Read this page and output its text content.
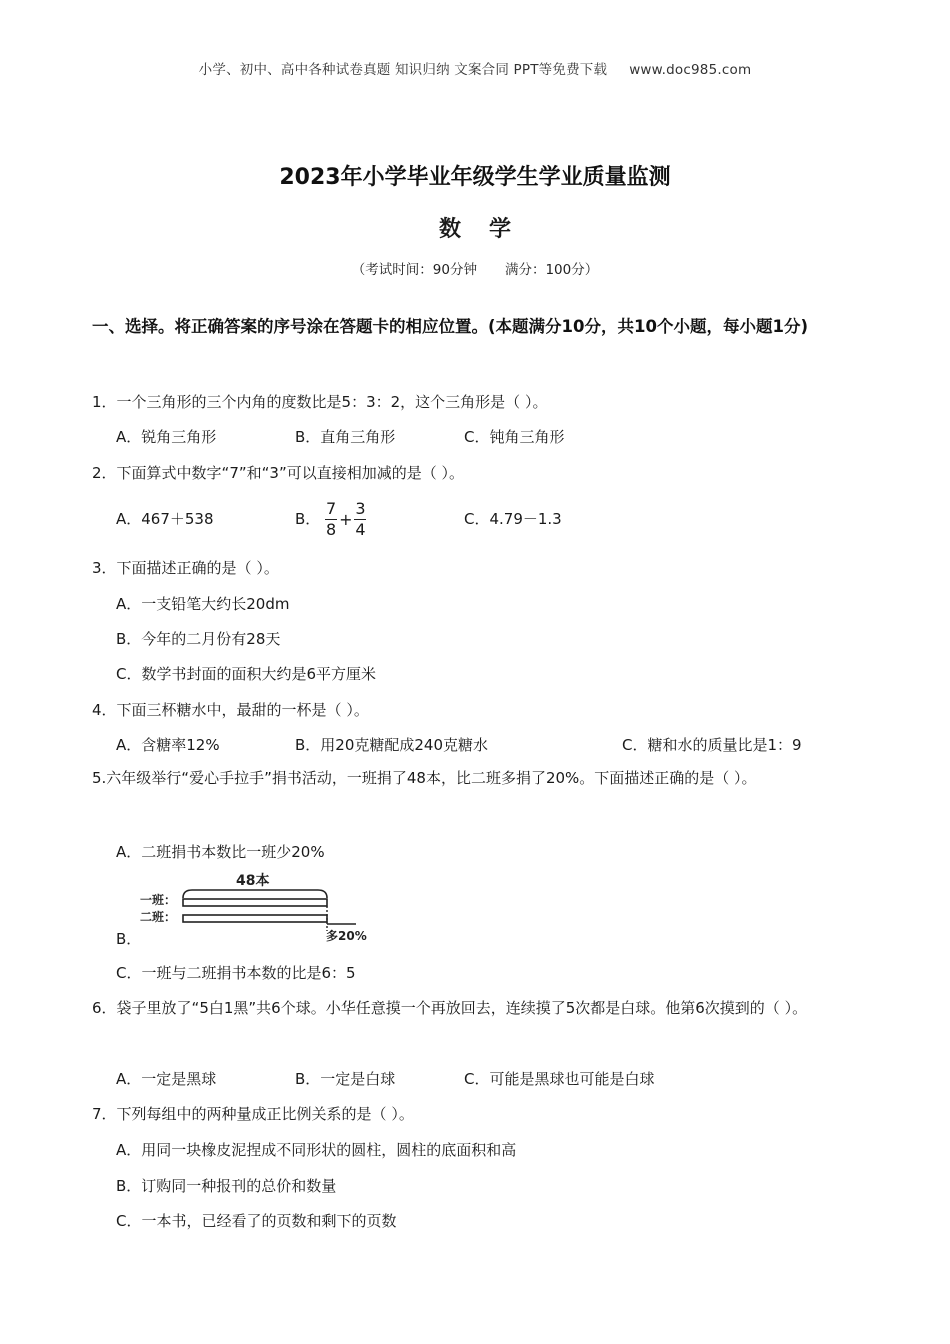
小学、初中、高中各种试卷真题 知识归纳 文案合同 PPT等免费下载 www.doc985.com
2023年小学毕业年级学生学业质量监测
数学
（考试时间：90分钟 满分：100分）
一、选择。将正确答案的序号涂在答题卡的相应位置。(本题满分10分，共10个小题，每小题1分)
1．一个三角形的三个内角的度数比是5：3：2，这个三角形是（ ）。
A．锐角三角形	B．直角三角形	C．钝角三角形
2．下面算式中数字“7”和“3”可以直接相加减的是（ ）。
A．467＋538	B． $\frac{7}{8} + \frac{3}{4}$	C．4.79－1.3
3．下面描述正确的是（ ）。
A．一支铅笔大约长20dm
B．今年的二月份有28天
C．数学书封面的面积大约是6平方厘米
4．下面三杯糖水中，最甜的一杯是（ ）。
A．含糖率12%	B．用20克糖配成240克糖水	C．糖和水的质量比是1：9
5.六年级举行“爱心手拉手”捐书活动，一班捐了48本，比二班多捐了20%。下面描述正确的是（ ）。
A．二班捐书本数比一班少20%
B．
48本
一班：
二班：
多20%
C．一班与二班捐书本数的比是6：5
6．袋子里放了“5白1黑”共6个球。小华任意摸一个再放回去，连续摸了5次都是白球。他第6次摸到的（ ）。
A．一定是黑球	B．一定是白球	C．可能是黑球也可能是白球
7．下列每组中的两种量成正比例关系的是（ ）。
A．用同一块橡皮泥捏成不同形状的圆柱，圆柱的底面积和高
B．订购同一种报刊的总价和数量
C．一本书，已经看了的页数和剩下的页数
